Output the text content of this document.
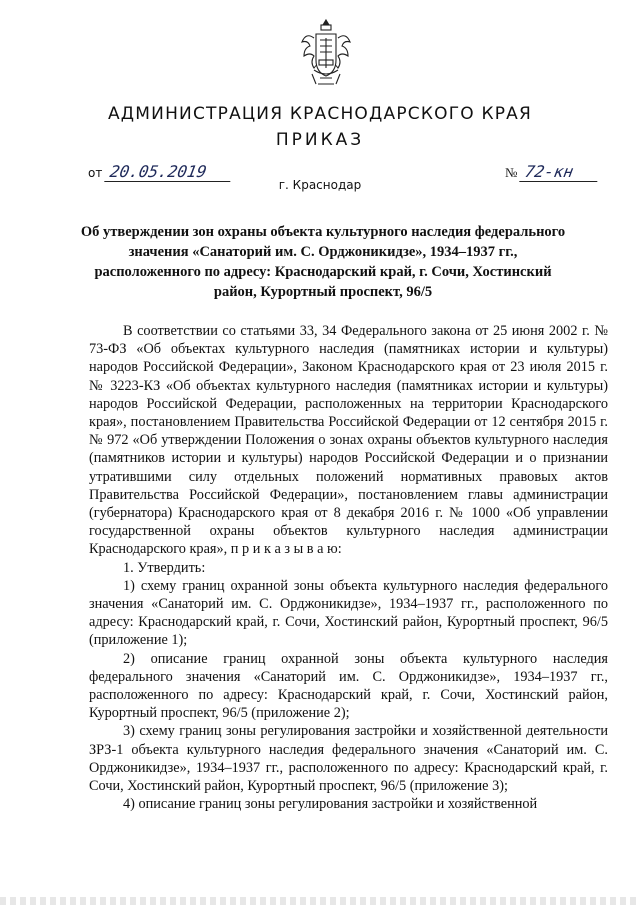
АДМИНИСТРАЦИЯ КРАСНОДАРСКОГО КРАЯ
ПРИКАЗ
от 20.05.2019	№ 72-кн
г. Краснодар
Об утверждении зон охраны объекта культурного наследия федерального значения «Санаторий им. С. Орджоникидзе», 1934–1937 гг., расположенного по адресу: Краснодарский край, г. Сочи, Хостинский район, Курортный проспект, 96/5

В соответствии со статьями 33, 34 Федерального закона от 25 июня 2002 г. № 73-ФЗ «Об объектах культурного наследия (памятниках истории и культуры) народов Российской Федерации», Законом Краснодарского края от 23 июля 2015 г. № 3223-КЗ «Об объектах культурного наследия (памятниках истории и культуры) народов Российской Федерации, расположенных на территории Краснодарского края», постановлением Правительства Российской Федерации от 12 сентября 2015 г. № 972 «Об утверждении Положения о зонах охраны объектов культурного наследия (памятников истории и культуры) народов Российской Федерации и о признании утратившими силу отдельных положений нормативных правовых актов Правительства Российской Федерации», постановлением главы администрации (губернатора) Краснодарского края от 8 декабря 2016 г. № 1000 «Об управлении государственной охраны объектов культурного наследия администрации Краснодарского края», п р и к а з ы в а ю:

1. Утвердить:

1) схему границ охранной зоны объекта культурного наследия федерального значения «Санаторий им. С. Орджоникидзе», 1934–1937 гг., расположенного по адресу: Краснодарский край, г. Сочи, Хостинский район, Курортный проспект, 96/5 (приложение 1);

2) описание границ охранной зоны объекта культурного наследия федерального значения «Санаторий им. С. Орджоникидзе», 1934–1937 гг., расположенного по адресу: Краснодарский край, г. Сочи, Хостинский район, Курортный проспект, 96/5 (приложение 2);

3) схему границ зоны регулирования застройки и хозяйственной деятельности ЗРЗ-1 объекта культурного наследия федерального значения «Санаторий им. С. Орджоникидзе», 1934–1937 гг., расположенного по адресу: Краснодарский край, г. Сочи, Хостинский район, Курортный проспект, 96/5 (приложение 3);

4) описание границ зоны регулирования застройки и хозяйственной
